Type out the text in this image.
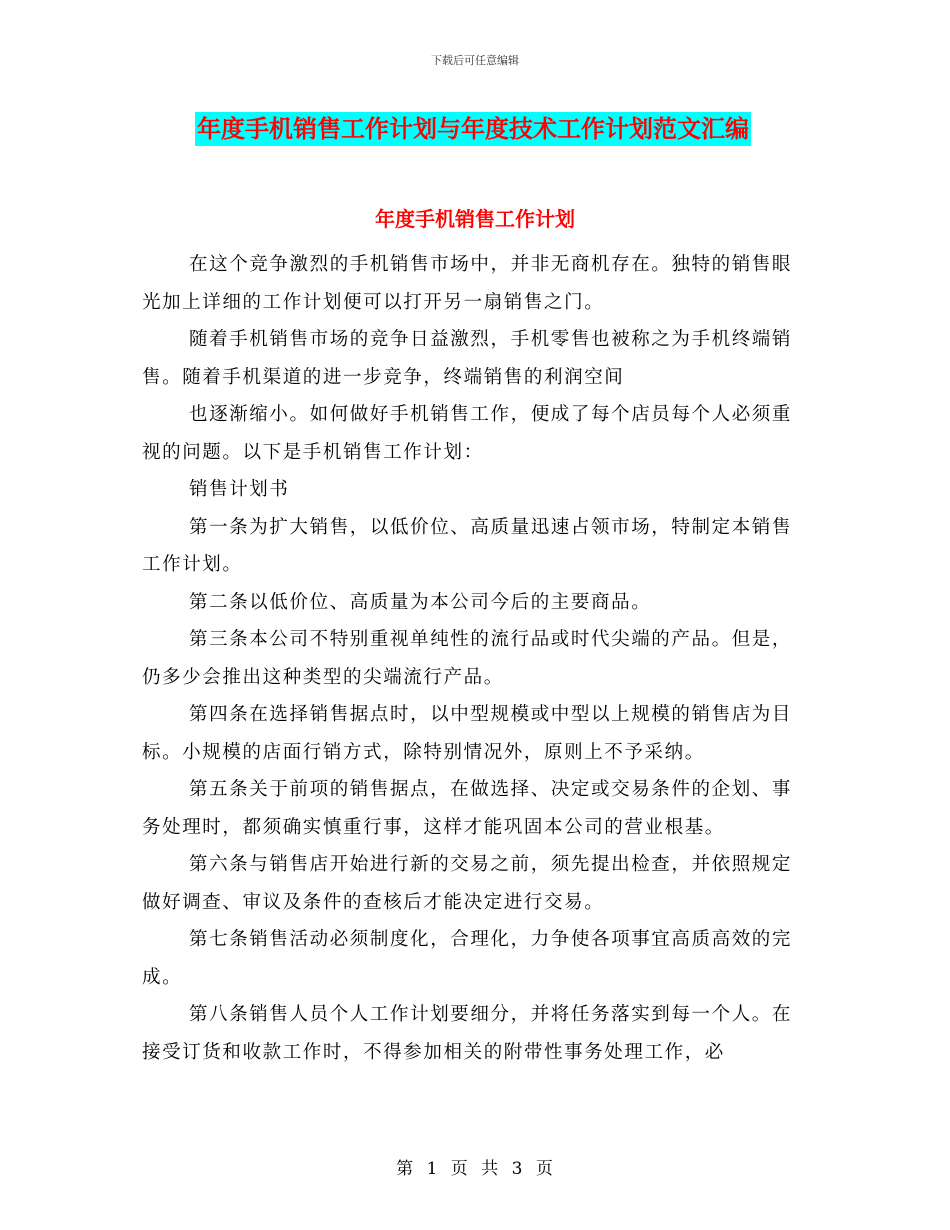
下载后可任意编辑
年度手机销售工作计划与年度技术工作计划范文汇编
年度手机销售工作计划

在这个竞争激烈的手机销售市场中，并非无商机存在。独特的销售眼光加上详细的工作计划便可以打开另一扇销售之门。

随着手机销售市场的竞争日益激烈，手机零售也被称之为手机终端销售。随着手机渠道的进一步竞争，终端销售的利润空间

也逐渐缩小。如何做好手机销售工作，便成了每个店员每个人必须重视的问题。以下是手机销售工作计划：

销售计划书

第一条为扩大销售，以低价位、高质量迅速占领市场，特制定本销售工作计划。

第二条以低价位、高质量为本公司今后的主要商品。

第三条本公司不特别重视单纯性的流行品或时代尖端的产品。但是，仍多少会推出这种类型的尖端流行产品。

第四条在选择销售据点时，以中型规模或中型以上规模的销售店为目标。小规模的店面行销方式，除特别情况外，原则上不予采纳。

第五条关于前项的销售据点，在做选择、决定或交易条件的企划、事务处理时，都须确实慎重行事，这样才能巩固本公司的营业根基。

第六条与销售店开始进行新的交易之前，须先提出检查，并依照规定做好调查、审议及条件的查核后才能决定进行交易。

第七条销售活动必须制度化，合理化，力争使各项事宜高质高效的完成。

第八条销售人员个人工作计划要细分，并将任务落实到每一个人。在接受订货和收款工作时，不得参加相关的附带性事务处理工作，必

第 1 页 共 3 页
